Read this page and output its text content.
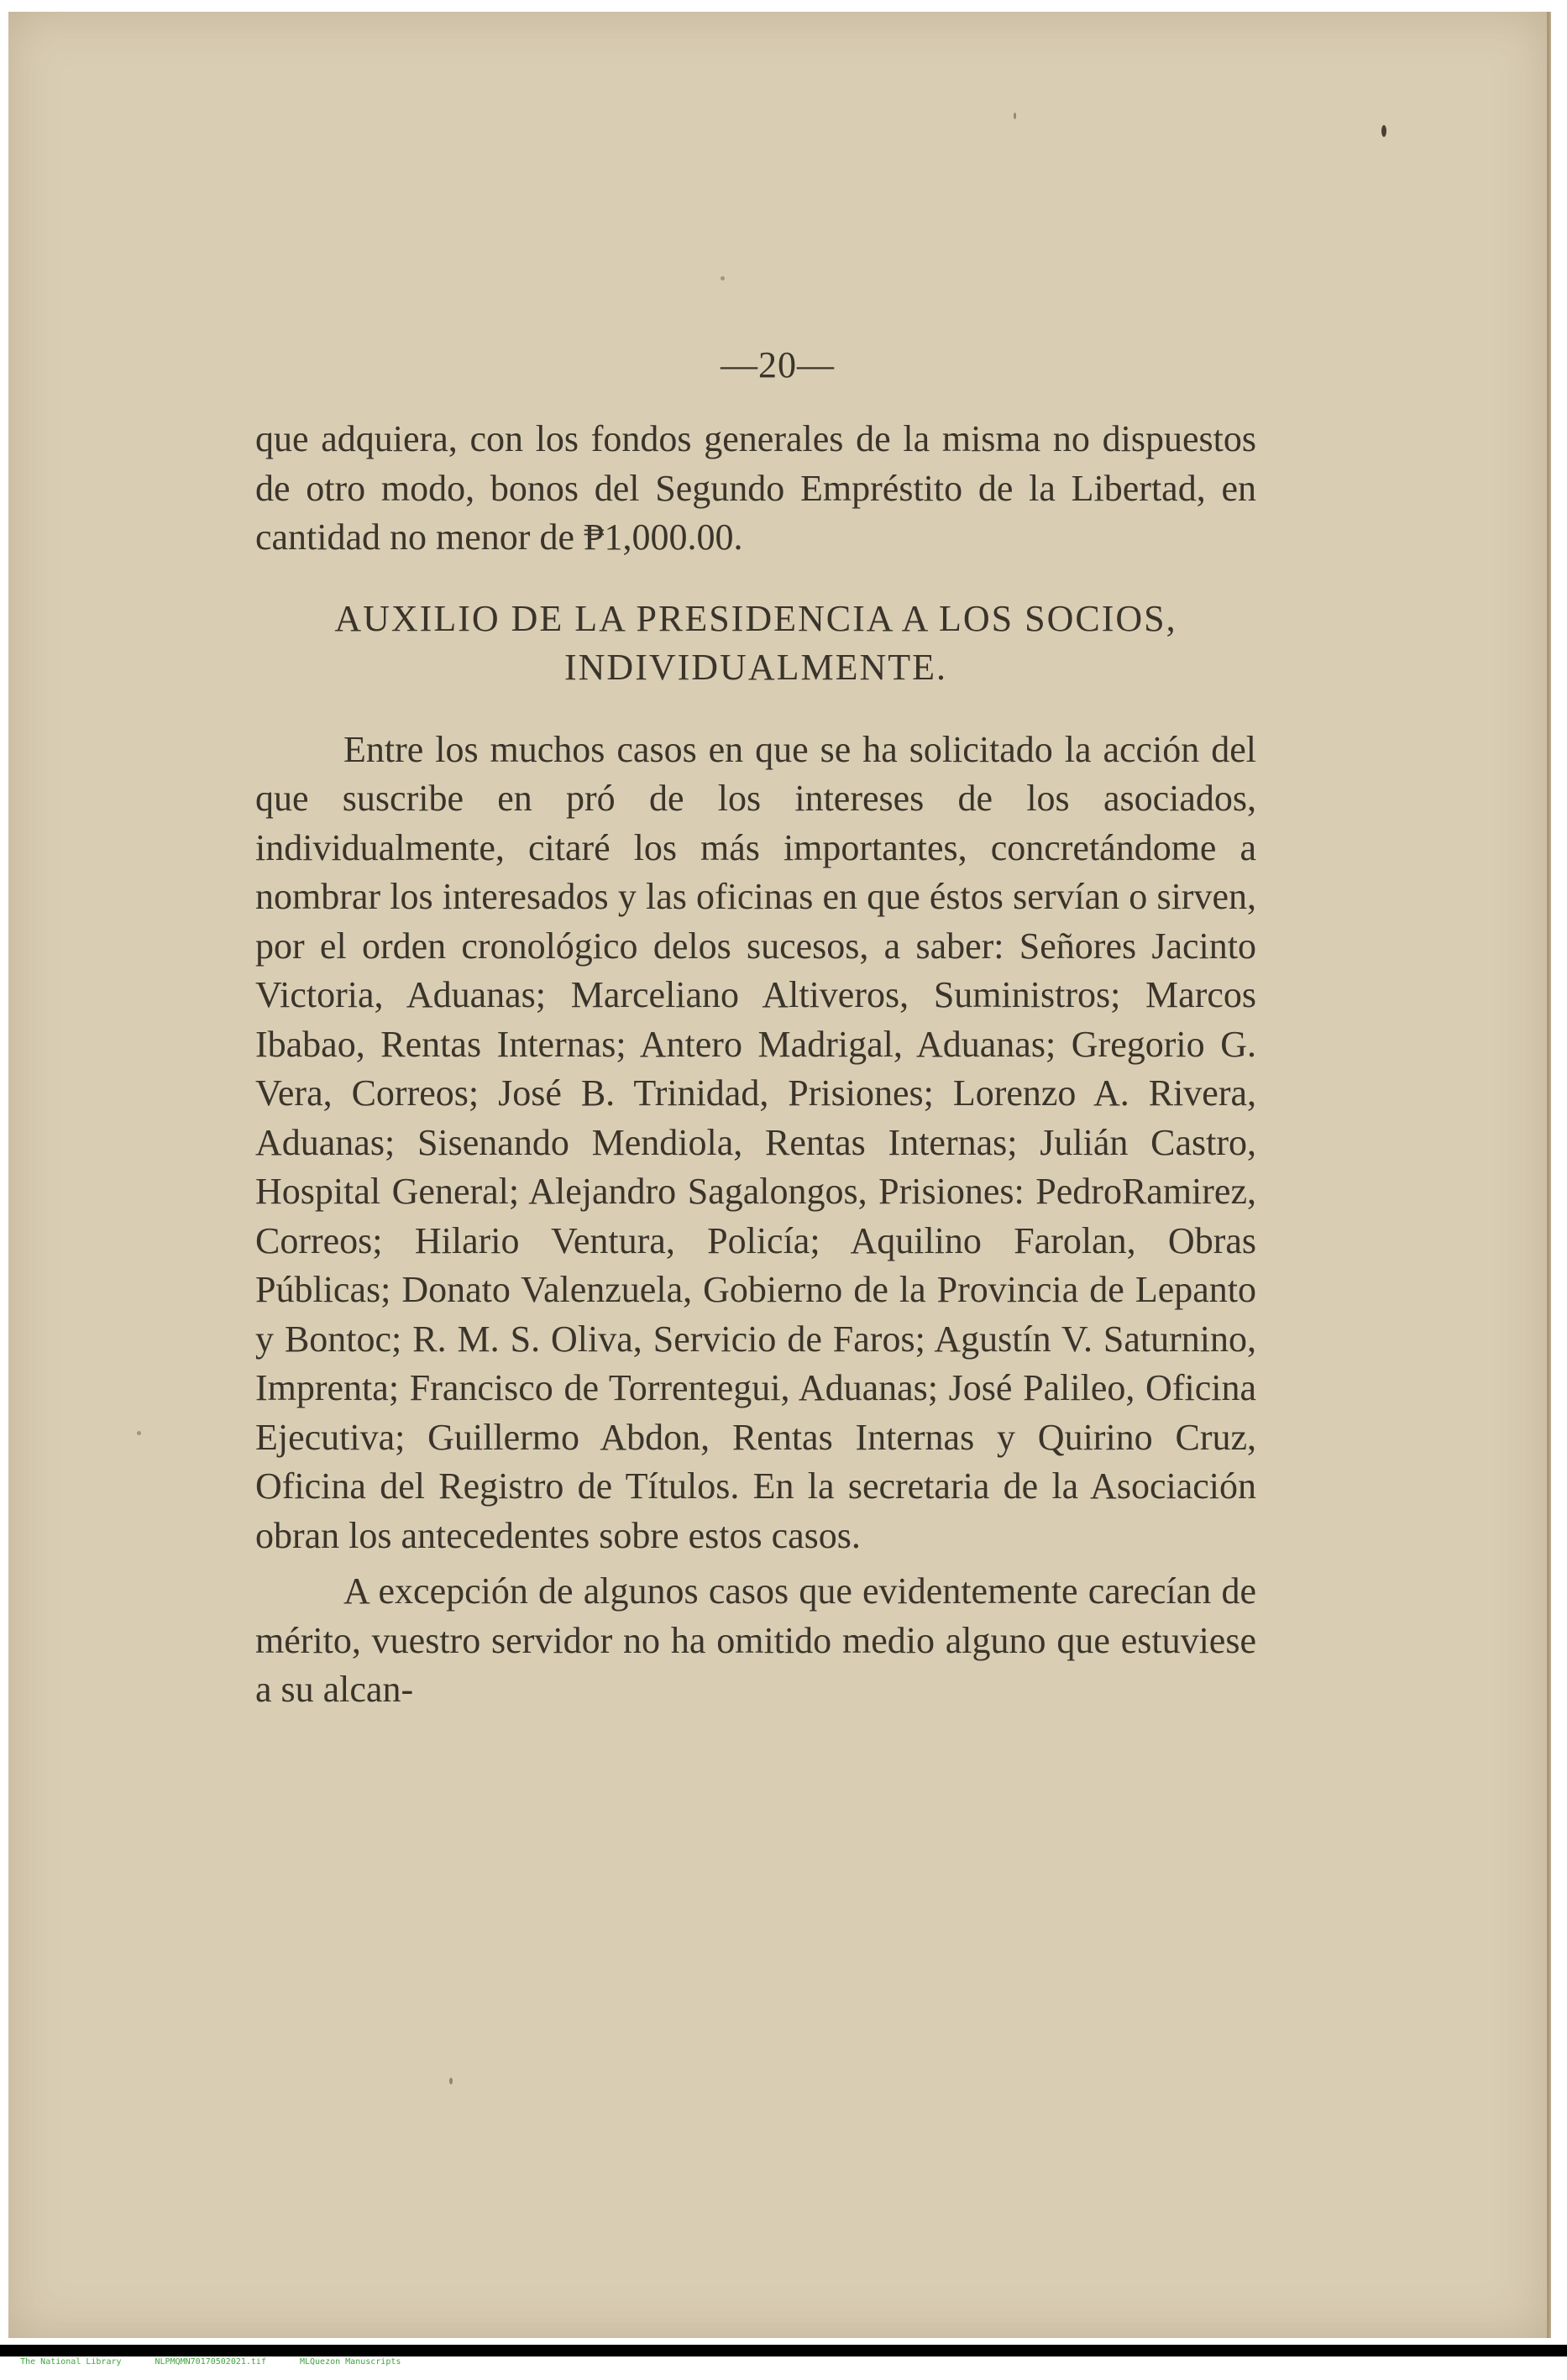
—20—

que adquiera, con los fondos generales de la misma no dispuestos de otro modo, bonos del Segundo Empréstito de la Libertad, en cantidad no menor de ₱1,000.00.

AUXILIO DE LA PRESIDENCIA A LOS SOCIOS, INDIVIDUALMENTE.

Entre los muchos casos en que se ha solicitado la acción del que suscribe en pró de los intereses de los asociados, individualmente, citaré los más importantes, concretándome a nombrar los interesados y las oficinas en que éstos servían o sirven, por el orden cronológico delos sucesos, a saber: Señores Jacinto Victoria, Aduanas; Marceliano Altiveros, Suministros; Marcos Ibabao, Rentas Internas; Antero Madrigal, Aduanas; Gregorio G. Vera, Correos; José B. Trinidad, Prisiones; Lorenzo A. Rivera, Aduanas; Sisenando Mendiola, Rentas Internas; Julián Castro, Hospital General; Alejandro Sagalongos, Prisiones: PedroRamirez, Correos; Hilario Ventura, Policía; Aquilino Farolan, Obras Públicas; Donato Valenzuela, Gobierno de la Provincia de Lepanto y Bontoc; R. M. S. Oliva, Servicio de Faros; Agustín V. Saturnino, Imprenta; Francisco de Torrentegui, Aduanas; José Palileo, Oficina Ejecutiva; Guillermo Abdon, Rentas Internas y Quirino Cruz, Oficina del Registro de Títulos. En la secretaria de la Asociación obran los antecedentes sobre estos casos.

A excepción de algunos casos que evidentemente carecían de mérito, vuestro servidor no ha omitido medio alguno que estuviese a su alcan-

The National Library	NLPMQMN70170502021.tif	MLQuezon Manuscripts
